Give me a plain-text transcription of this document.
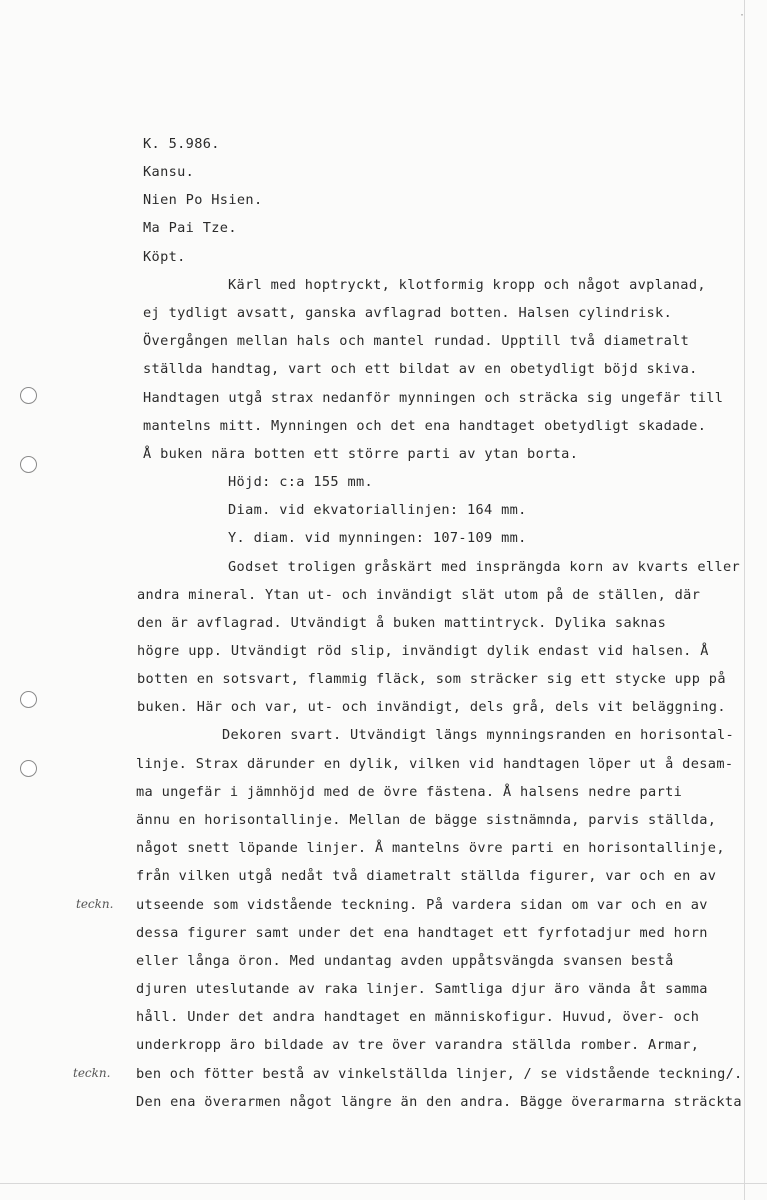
·
K. 5.986.
Kansu.
Nien Po Hsien.
Ma Pai Tze.
Köpt.
Kärl med hoptryckt, klotformig kropp och något avplanad,
ej tydligt avsatt, ganska avflagrad botten. Halsen cylindrisk.
Övergången mellan hals och mantel rundad. Upptill två diametralt
ställda handtag, vart och ett bildat av en obetydligt böjd skiva.
Handtagen utgå strax nedanför mynningen och sträcka sig ungefär till
mantelns mitt. Mynningen och det ena handtaget obetydligt skadade.
Å buken nära botten ett större parti av ytan borta.
Höjd: c:a 155 mm.
Diam. vid ekvatoriallinjen: 164 mm.
Y. diam. vid mynningen: 107-109 mm.
Godset troligen gråskärt med insprängda korn av kvarts eller
andra mineral. Ytan ut- och invändigt slät utom på de ställen, där
den är avflagrad. Utvändigt å buken mattintryck. Dylika saknas
högre upp. Utvändigt röd slip, invändigt dylik endast vid halsen. Å
botten en sotsvart, flammig fläck, som sträcker sig ett stycke upp på
buken. Här och var, ut- och invändigt, dels grå, dels vit beläggning.
Dekoren svart. Utvändigt längs mynningsranden en horisontal-
linje. Strax därunder en dylik, vilken vid handtagen löper ut å desam-
ma ungefär i jämnhöjd med de övre fästena. Å halsens nedre parti
ännu en horisontallinje. Mellan de bägge sistnämnda, parvis ställda,
något snett löpande linjer. Å mantelns övre parti en horisontallinje,
från vilken utgå nedåt två diametralt ställda figurer, var och en av
utseende som vidstående teckning. På vardera sidan om var och en av
dessa figurer samt under det ena handtaget ett fyrfotadjur med horn
eller långa öron. Med undantag avden uppåtsvängda svansen bestå
djuren uteslutande av raka linjer. Samtliga djur äro vända åt samma
håll. Under det andra handtaget en människofigur. Huvud, över- och
underkropp äro bildade av tre över varandra ställda romber. Armar,
ben och fötter bestå av vinkelställda linjer, / se vidstående teckning/.
Den ena överarmen något längre än den andra. Bägge överarmarna sträckta
teckn.
teckn.
